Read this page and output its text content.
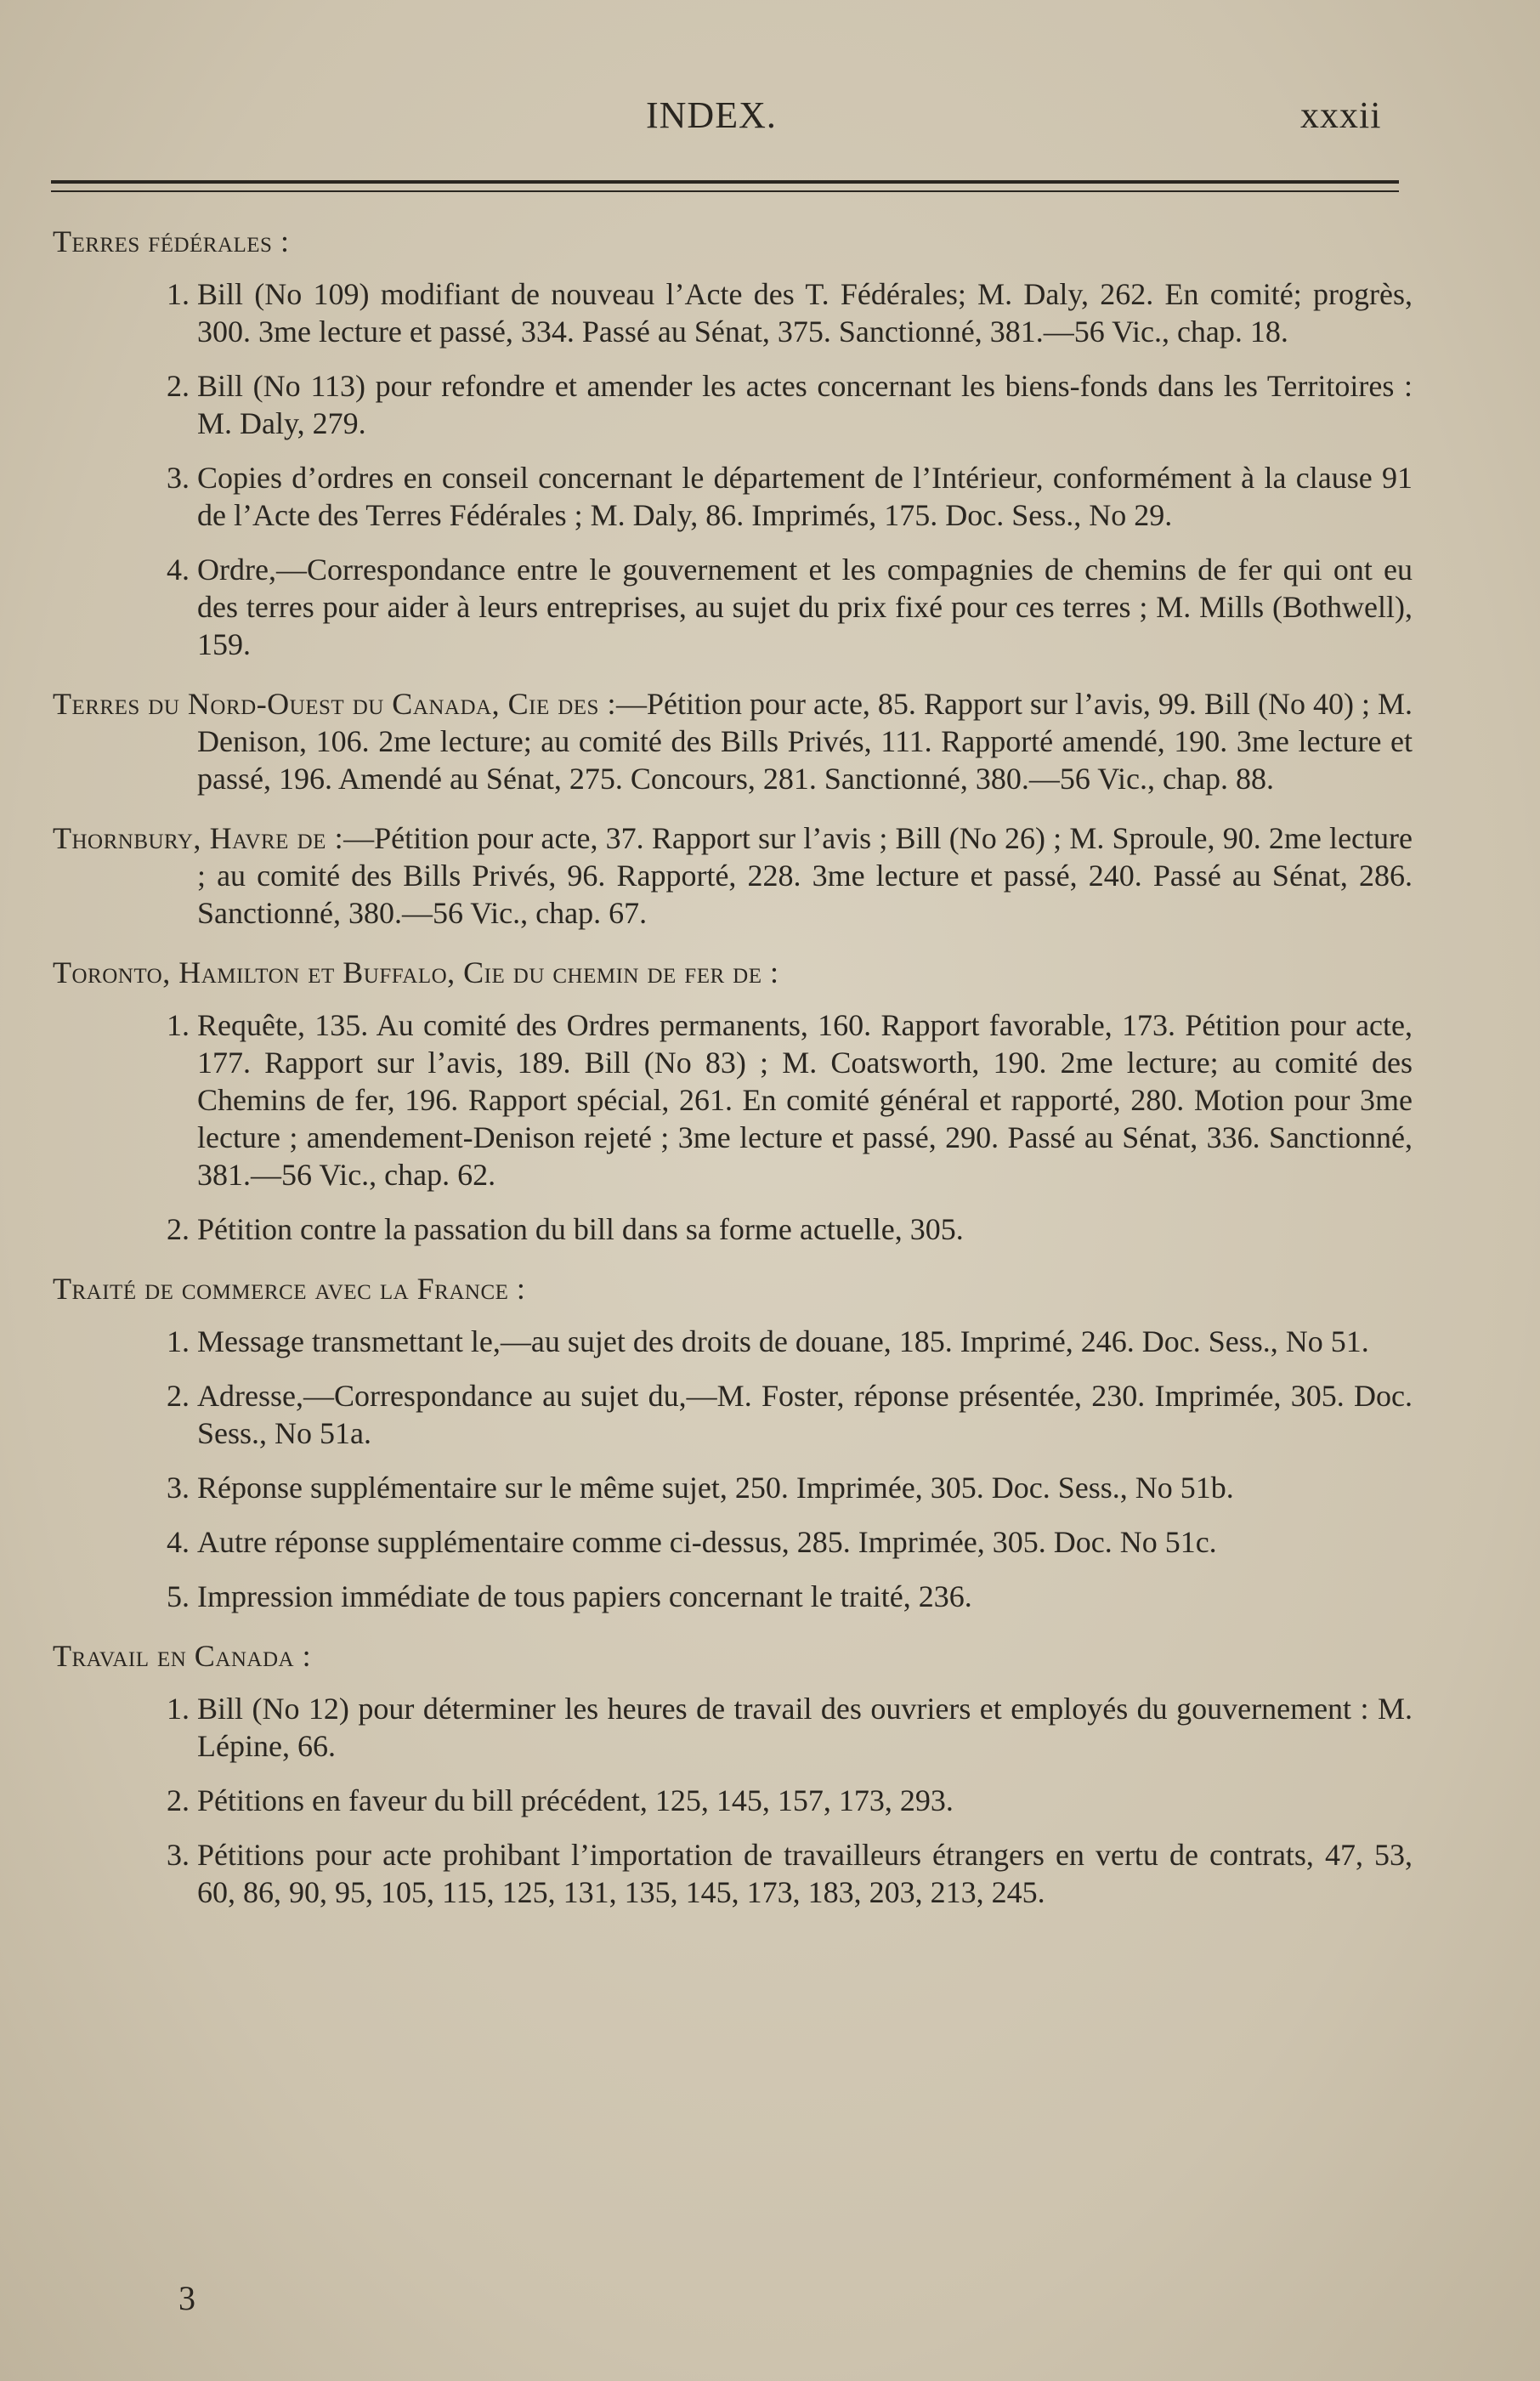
INDEX.	xxxii
Terres fédérales :
1. Bill (No 109) modifiant de nouveau l’Acte des T. Fédérales; M. Daly, 262. En comité; progrès, 300. 3me lecture et passé, 334. Passé au Sénat, 375. Sanctionné, 381.—56 Vic., chap. 18.
2. Bill (No 113) pour refondre et amender les actes concernant les biens-fonds dans les Territoires : M. Daly, 279.
3. Copies d’ordres en conseil concernant le département de l’Intérieur, conformément à la clause 91 de l’Acte des Terres Fédérales ; M. Daly, 86. Imprimés, 175. Doc. Sess., No 29.
4. Ordre,—Correspondance entre le gouvernement et les compagnies de chemins de fer qui ont eu des terres pour aider à leurs entreprises, au sujet du prix fixé pour ces terres ; M. Mills (Bothwell), 159.
Terres du Nord-Ouest du Canada, Cie des :—Pétition pour acte, 85. Rapport sur l’avis, 99. Bill (No 40) ; M. Denison, 106. 2me lecture; au comité des Bills Privés, 111. Rapporté amendé, 190. 3me lecture et passé, 196. Amendé au Sénat, 275. Concours, 281. Sanctionné, 380.—56 Vic., chap. 88.
Thornbury, Havre de :—Pétition pour acte, 37. Rapport sur l’avis ; Bill (No 26) ; M. Sproule, 90. 2me lecture ; au comité des Bills Privés, 96. Rapporté, 228. 3me lecture et passé, 240. Passé au Sénat, 286. Sanctionné, 380.—56 Vic., chap. 67.
Toronto, Hamilton et Buffalo, Cie du chemin de fer de :
1. Requête, 135. Au comité des Ordres permanents, 160. Rapport favorable, 173. Pétition pour acte, 177. Rapport sur l’avis, 189. Bill (No 83) ; M. Coatsworth, 190. 2me lecture; au comité des Chemins de fer, 196. Rapport spécial, 261. En comité général et rapporté, 280. Motion pour 3me lecture ; amendement-Denison rejeté ; 3me lecture et passé, 290. Passé au Sénat, 336. Sanctionné, 381.—56 Vic., chap. 62.
2. Pétition contre la passation du bill dans sa forme actuelle, 305.
Traité de commerce avec la France :
1. Message transmettant le,—au sujet des droits de douane, 185. Imprimé, 246. Doc. Sess., No 51.
2. Adresse,—Correspondance au sujet du,—M. Foster, réponse présentée, 230. Imprimée, 305. Doc. Sess., No 51a.
3. Réponse supplémentaire sur le même sujet, 250. Imprimée, 305. Doc. Sess., No 51b.
4. Autre réponse supplémentaire comme ci-dessus, 285. Imprimée, 305. Doc. No 51c.
5. Impression immédiate de tous papiers concernant le traité, 236.
Travail en Canada :
1. Bill (No 12) pour déterminer les heures de travail des ouvriers et employés du gouvernement : M. Lépine, 66.
2. Pétitions en faveur du bill précédent, 125, 145, 157, 173, 293.
3. Pétitions pour acte prohibant l’importation de travailleurs étrangers en vertu de contrats, 47, 53, 60, 86, 90, 95, 105, 115, 125, 131, 135, 145, 173, 183, 203, 213, 245.
3
